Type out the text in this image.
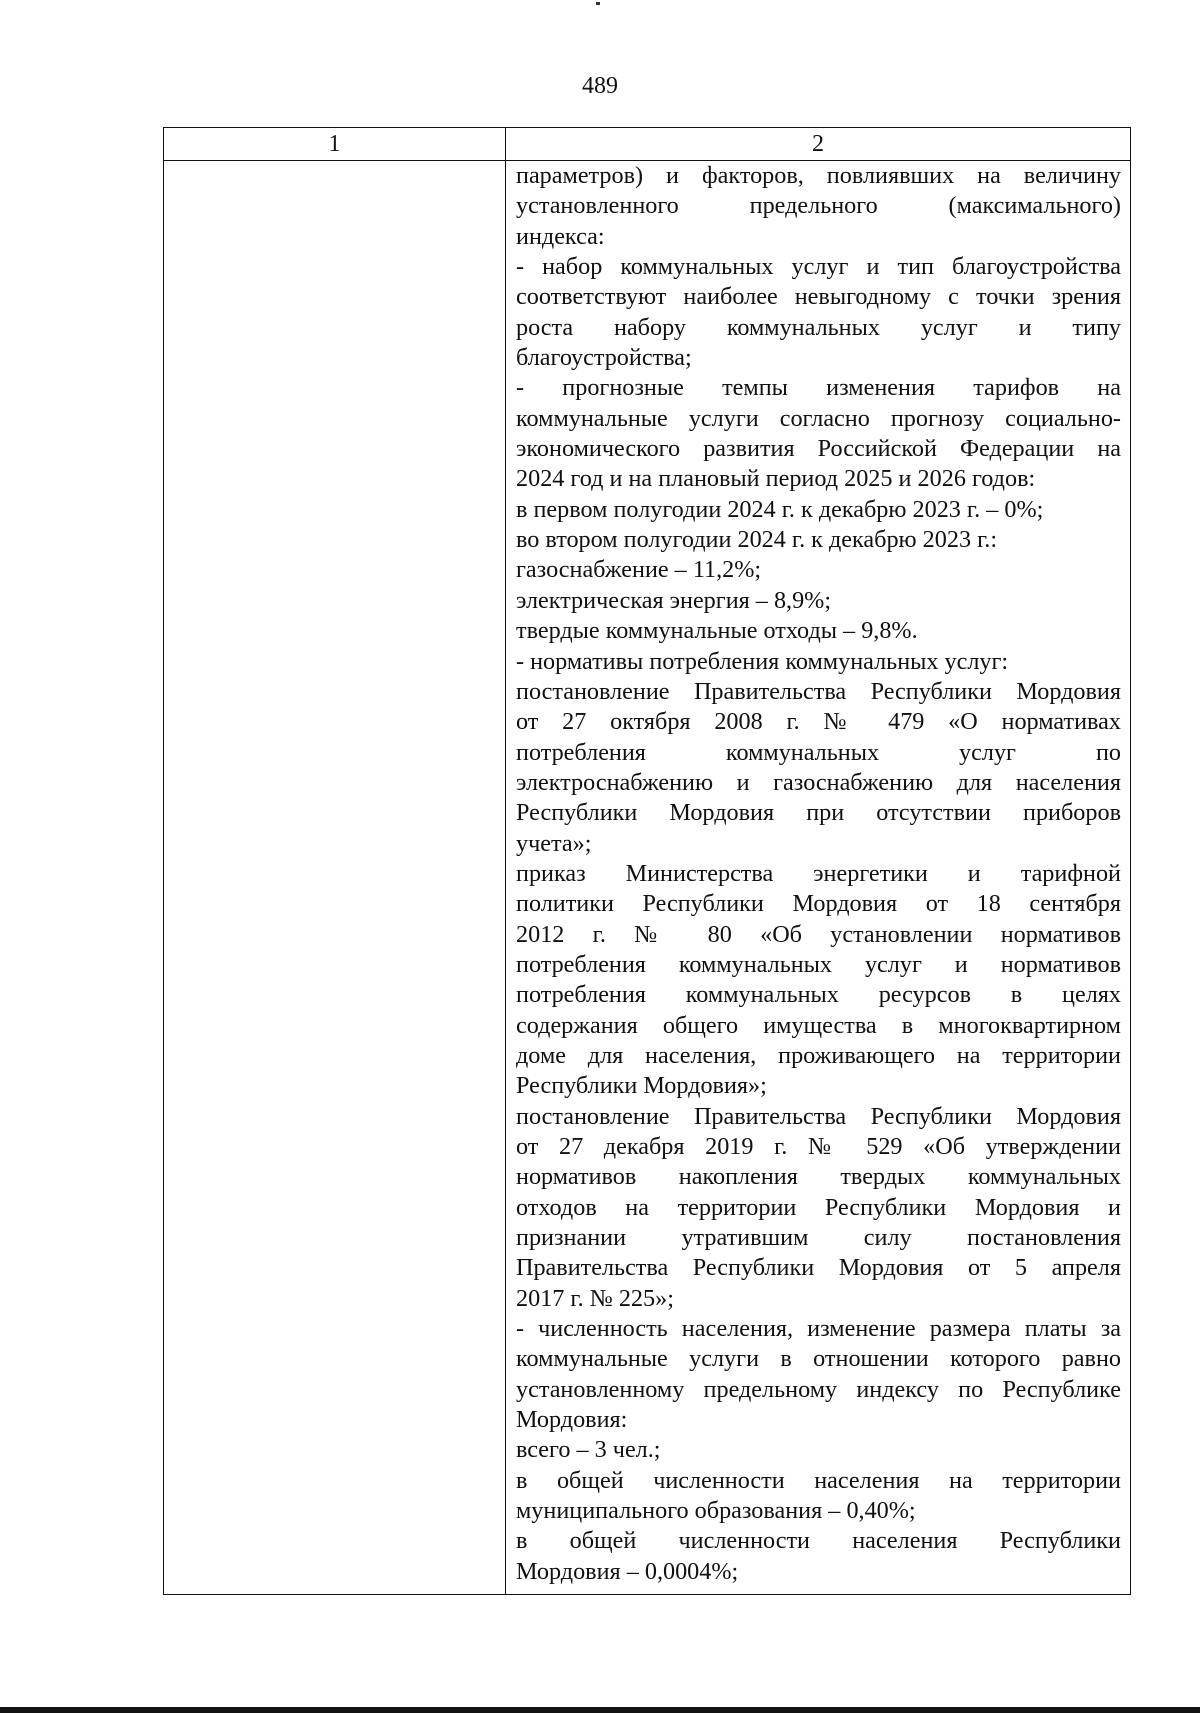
489
1	2
параметров) и факторов, повлиявших на величину
установленного предельного (максимального)
индекса:
- набор коммунальных услуг и тип благоустройства
соответствуют наиболее невыгодному с точки зрения
роста набору коммунальных услуг и типу
благоустройства;
- прогнозные темпы изменения тарифов на
коммунальные услуги согласно прогнозу социально-
экономического развития Российской Федерации на
2024 год и на плановый период 2025 и 2026 годов:
в первом полугодии 2024 г. к декабрю 2023 г. – 0%;
во втором полугодии 2024 г. к декабрю 2023 г.:
газоснабжение – 11,2%;
электрическая энергия – 8,9%;
твердые коммунальные отходы – 9,8%.
- нормативы потребления коммунальных услуг:
постановление Правительства Республики Мордовия
от 27 октября 2008 г. № 479 «О нормативах
потребления коммунальных услуг по
электроснабжению и газоснабжению для населения
Республики Мордовия при отсутствии приборов
учета»;
приказ Министерства энергетики и тарифной
политики Республики Мордовия от 18 сентября
2012 г. № 80 «Об установлении нормативов
потребления коммунальных услуг и нормативов
потребления коммунальных ресурсов в целях
содержания общего имущества в многоквартирном
доме для населения, проживающего на территории
Республики Мордовия»;
постановление Правительства Республики Мордовия
от 27 декабря 2019 г. № 529 «Об утверждении
нормативов накопления твердых коммунальных
отходов на территории Республики Мордовия и
признании утратившим силу постановления
Правительства Республики Мордовия от 5 апреля
2017 г. № 225»;
- численность населения, изменение размера платы за
коммунальные услуги в отношении которого равно
установленному предельному индексу по Республике
Мордовия:
всего – 3 чел.;
в общей численности населения на территории
муниципального образования – 0,40%;
в общей численности населения Республики
Мордовия – 0,0004%;
